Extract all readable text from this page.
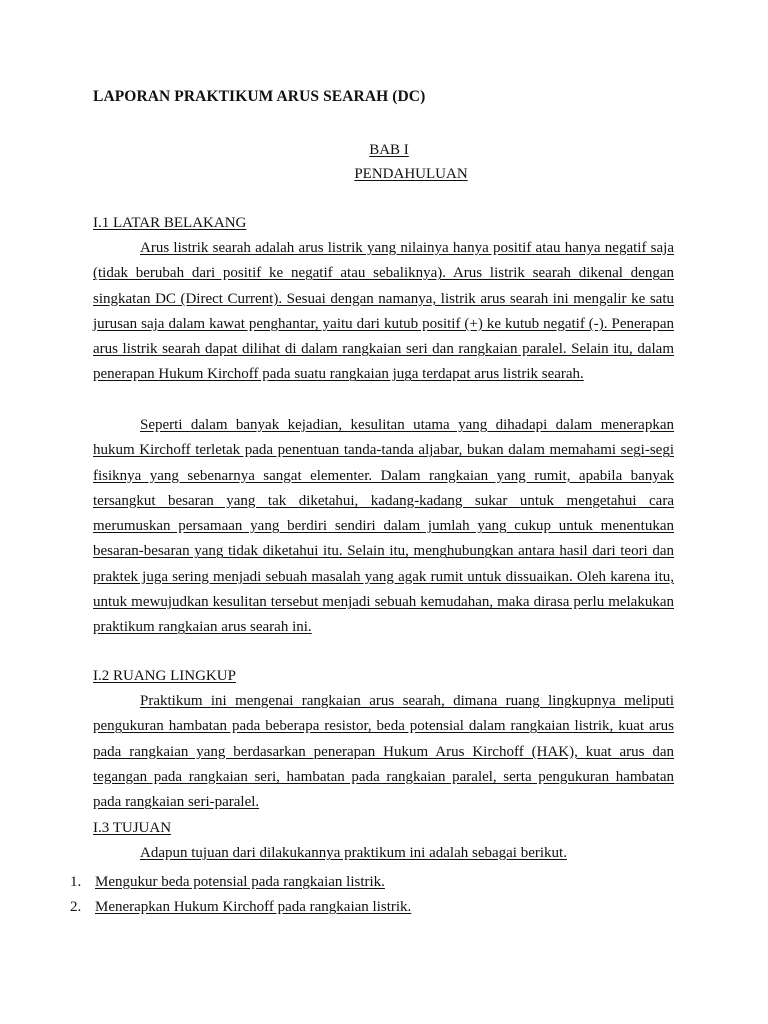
LAPORAN PRAKTIKUM ARUS SEARAH (DC)
BAB I
PENDAHULUAN
I.1 LATAR BELAKANG
Arus listrik searah adalah arus listrik yang nilainya hanya positif atau hanya negatif saja (tidak berubah dari positif ke negatif atau sebaliknya). Arus listrik searah dikenal dengan singkatan DC (Direct Current). Sesuai dengan namanya, listrik arus searah ini mengalir ke satu jurusan saja dalam kawat penghantar, yaitu dari kutub positif (+) ke kutub negatif (-). Penerapan arus listrik searah dapat dilihat di dalam rangkaian seri dan rangkaian paralel. Selain itu, dalam penerapan Hukum Kirchoff pada suatu rangkaian juga terdapat arus listrik searah.
Seperti dalam banyak kejadian, kesulitan utama yang dihadapi dalam menerapkan hukum Kirchoff terletak pada penentuan tanda-tanda aljabar, bukan dalam memahami segi-segi fisiknya yang sebenarnya sangat elementer. Dalam rangkaian yang rumit, apabila banyak tersangkut besaran yang tak diketahui, kadang-kadang sukar untuk mengetahui cara merumuskan persamaan yang berdiri sendiri dalam jumlah yang cukup untuk menentukan besaran-besaran yang tidak diketahui itu. Selain itu, menghubungkan antara hasil dari teori dan praktek juga sering menjadi sebuah masalah yang agak rumit untuk dissuaikan. Oleh karena itu, untuk mewujudkan kesulitan tersebut menjadi sebuah kemudahan, maka dirasa perlu melakukan praktikum rangkaian arus searah ini.
I.2 RUANG LINGKUP
Praktikum ini mengenai rangkaian arus searah, dimana ruang lingkupnya meliputi pengukuran hambatan pada beberapa resistor, beda potensial dalam rangkaian listrik, kuat arus pada rangkaian yang berdasarkan penerapan Hukum Arus Kirchoff (HAK), kuat arus dan tegangan pada rangkaian seri, hambatan pada rangkaian paralel, serta pengukuran hambatan pada rangkaian seri-paralel.
I.3 TUJUAN
Adapun tujuan dari dilakukannya praktikum ini adalah sebagai berikut.
1. Mengukur beda potensial pada rangkaian listrik.
2. Menerapkan Hukum Kirchoff pada rangkaian listrik.
